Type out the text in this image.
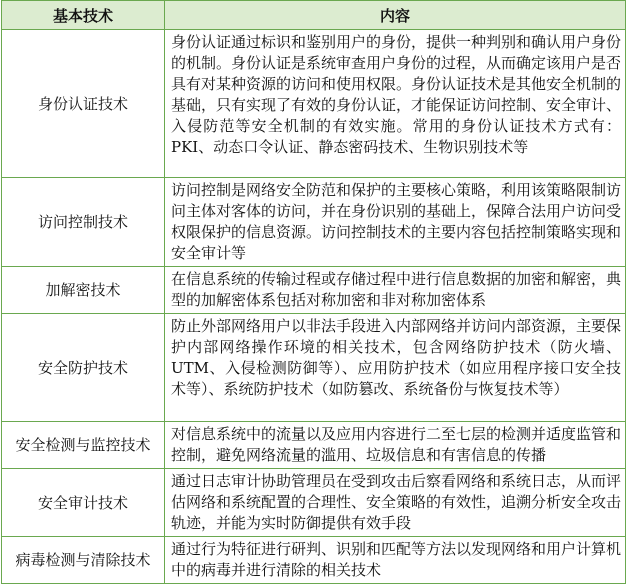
基本技术	内容
身份认证技术	身份认证通过标识和鉴别用户的身份，提供一种判别和确认用户身份的机制。身份认证是系统审查用户身份的过程，从而确定该用户是否具有对某种资源的访问和使用权限。身份认证技术是其他安全机制的基础，只有实现了有效的身份认证，才能保证访问控制、安全审计、入侵防范等安全机制的有效实施。常用的身份认证技术方式有：PKI、动态口令认证、静态密码技术、生物识别技术等
访问控制技术	访问控制是网络安全防范和保护的主要核心策略，利用该策略限制访问主体对客体的访问，并在身份识别的基础上，保障合法用户访问受权限保护的信息资源。访问控制技术的主要内容包括控制策略实现和安全审计等
加解密技术	在信息系统的传输过程或存储过程中进行信息数据的加密和解密，典型的加解密体系包括对称加密和非对称加密体系
安全防护技术	防止外部网络用户以非法手段进入内部网络并访问内部资源，主要保护内部网络操作环境的相关技术，包含网络防护技术（防火墙、UTM、入侵检测防御等）、应用防护技术（如应用程序接口安全技术等）、系统防护技术（如防篡改、系统备份与恢复技术等）
安全检测与监控技术	对信息系统中的流量以及应用内容进行二至七层的检测并适度监管和控制，避免网络流量的滥用、垃圾信息和有害信息的传播
安全审计技术	通过日志审计协助管理员在受到攻击后察看网络和系统日志，从而评估网络和系统配置的合理性、安全策略的有效性，追溯分析安全攻击轨迹，并能为实时防御提供有效手段
病毒检测与清除技术	通过行为特征进行研判、识别和匹配等方法以发现网络和用户计算机中的病毒并进行清除的相关技术
